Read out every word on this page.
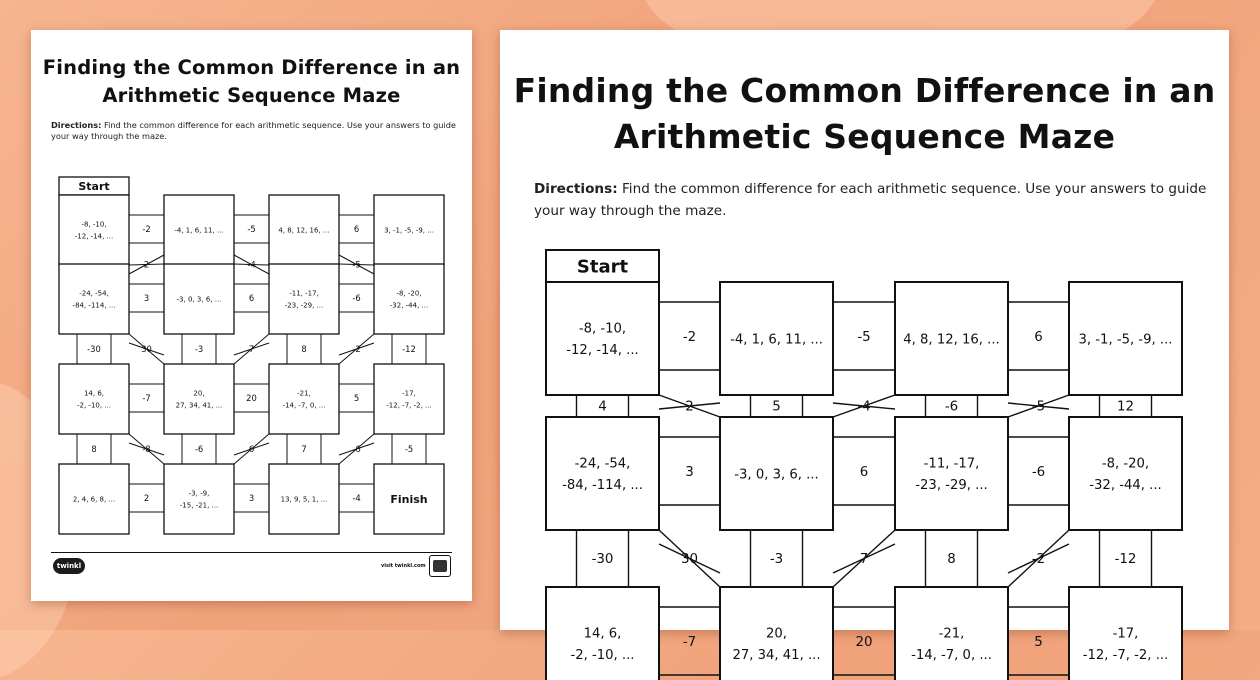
Finding the Common Difference in an
Arithmetic Sequence Maze
Directions: Find the common difference for each arithmetic sequence. Use your answers to guide
your way through the maze.
-2	-5	6
3	6	-6
-7	20	5
2	3	-4
2	-4	-5
-30	30	-3	7	8	-2	-12
8	-8	-6	6	7	-6	-5
Start
-8, -10,
-12, -14, ...
-4, 1, 6, 11, ...	4, 8, 12, 16, ...	3, -1, -5, -9, ...
-24, -54,
-84, -114, ...
-3, 0, 3, 6, ...
-11, -17,
-23, -29, ...
-8, -20,
-32, -44, ...
14, 6,
-2, -10, ...
20,
27, 34, 41, ...
-21,
-14, -7, 0, ...
-17,
-12, -7, -2, ...
2, 4, 6, 8, ...
-3, -9,
-15, -21, ...
13, 9, 5, 1, ...	Finish
twinkl	visit twinkl.com
Finding the Common Difference in an
Arithmetic Sequence Maze
Directions: Find the common difference for each arithmetic sequence. Use your answers to guide
your way through the maze.
-2	-5	6
3	6	-6
-7	20	5
4	2	5	-4	-6	-5	12
-30	30	-3	7	8	-2	-12
Start
-8, -10,
-12, -14, ...
-4, 1, 6, 11, ...	4, 8, 12, 16, ...	3, -1, -5, -9, ...
-24, -54,
-84, -114, ...
-3, 0, 3, 6, ...
-11, -17,
-23, -29, ...
-8, -20,
-32, -44, ...
14, 6,
-2, -10, ...
20,
27, 34, 41, ...
-21,
-14, -7, 0, ...
-17,
-12, -7, -2, ...
